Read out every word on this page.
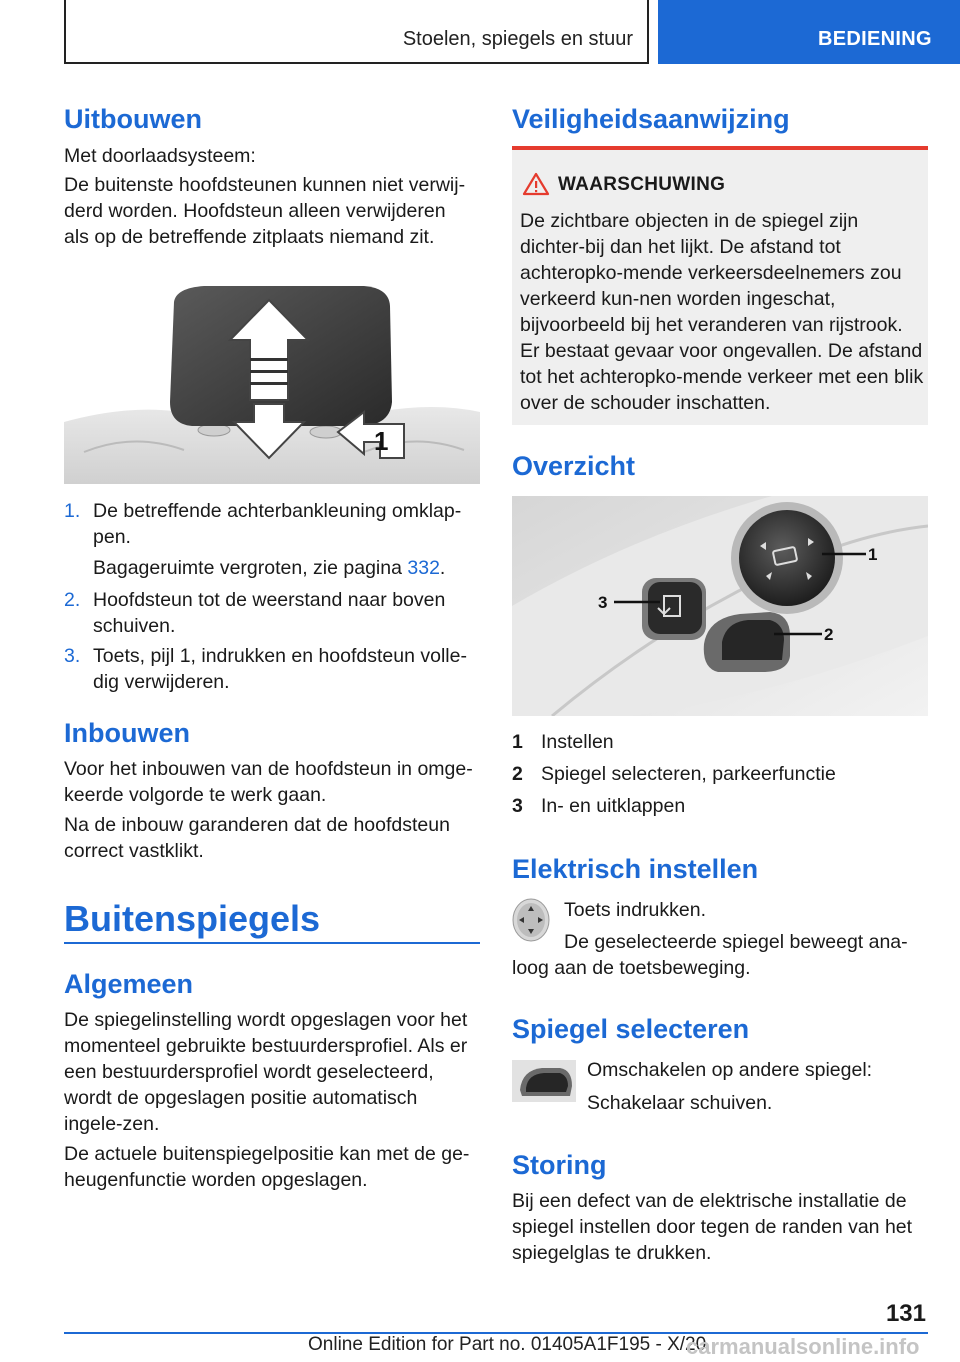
Stoelen, spiegels en stuur	BEDIENING
Uitbouwen
Met doorlaadsysteem:
De buitenste hoofdsteunen kunnen niet verwij-derd worden. Hoofdsteun alleen verwijderen als op de betreffende zitplaats niemand zit.
1
1. De betreffende achterbankleuning omklap-pen.
Bagageruimte vergroten, zie pagina 332.
2. Hoofdsteun tot de weerstand naar boven schuiven.
3. Toets, pijl 1, indrukken en hoofdsteun volle-dig verwijderen.
Inbouwen
Voor het inbouwen van de hoofdsteun in omge-keerde volgorde te werk gaan.
Na de inbouw garanderen dat de hoofdsteun correct vastklikt.
Buitenspiegels
Algemeen
De spiegelinstelling wordt opgeslagen voor het momenteel gebruikte bestuurdersprofiel. Als er een bestuurdersprofiel wordt geselecteerd, wordt de opgeslagen positie automatisch ingele-zen.
De actuele buitenspiegelpositie kan met de ge-heugenfunctie worden opgeslagen.
Veiligheidsaanwijzing
WAARSCHUWING
De zichtbare objecten in de spiegel zijn dichter-bij dan het lijkt. De afstand tot achteropko-mende verkeersdeelnemers zou verkeerd kun-nen worden ingeschat, bijvoorbeeld bij het veranderen van rijstrook. Er bestaat gevaar voor ongevallen. De afstand tot het achteropko-mende verkeer met een blik over de schouder inschatten.
Overzicht
1
2
3
1 Instellen
2 Spiegel selecteren, parkeerfunctie
3 In- en uitklappen
Elektrisch instellen
Toets indrukken.
De geselecteerde spiegel beweegt ana-loog aan de toetsbeweging.
Spiegel selecteren
Omschakelen op andere spiegel:
Schakelaar schuiven.
Storing
Bij een defect van de elektrische installatie de spiegel instellen door tegen de randen van het spiegelglas te drukken.
131
Online Edition for Part no. 01405A1F195 - X/20
carmanualsonline.info
